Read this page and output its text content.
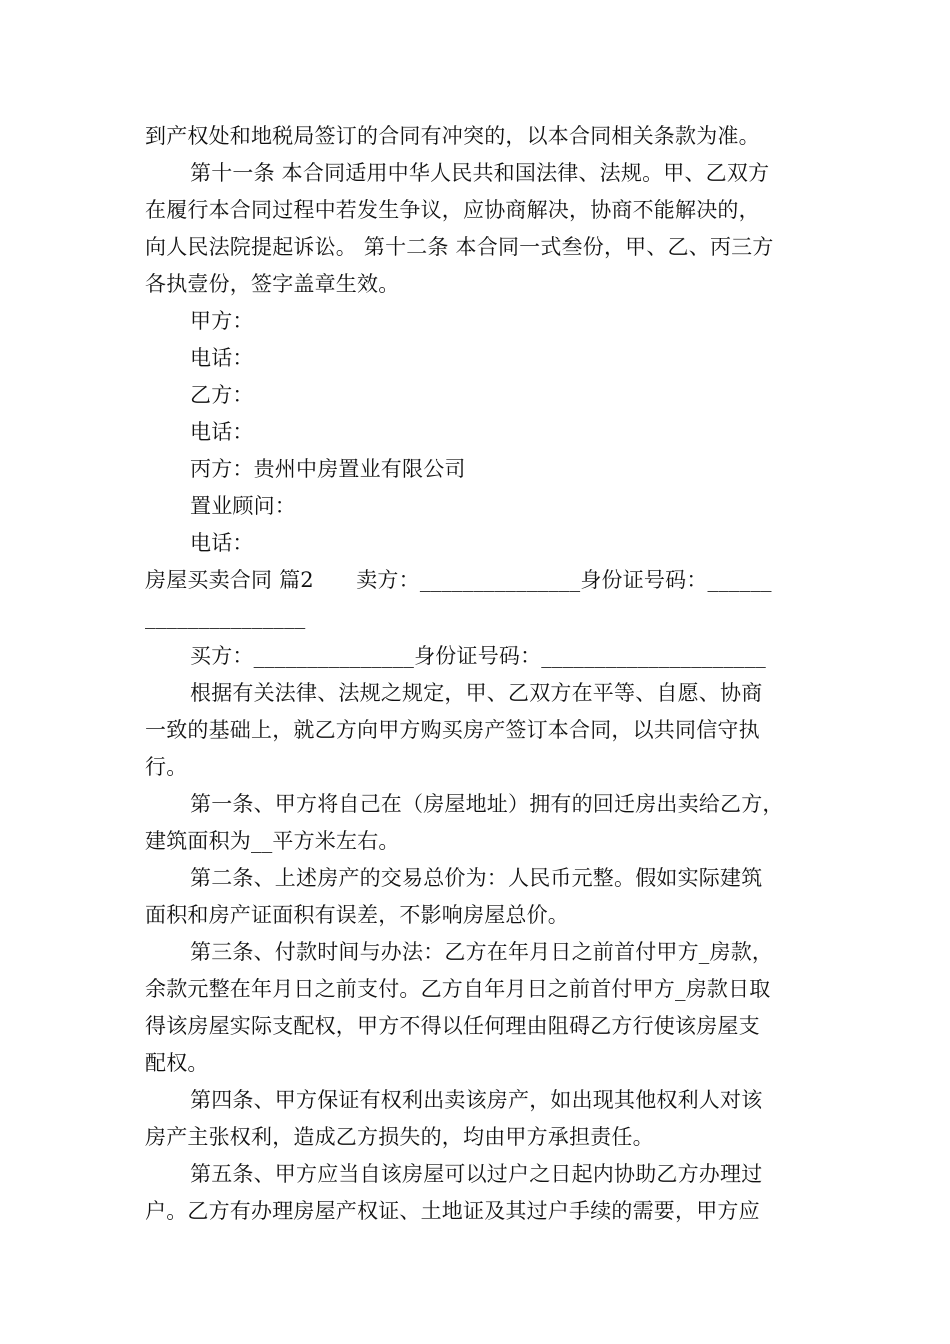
到产权处和地税局签订的合同有冲突的，以本合同相关条款为准。
第十一条 本合同适用中华人民共和国法律、法规。甲、乙双方
在履行本合同过程中若发生争议，应协商解决，协商不能解决的，
向人民法院提起诉讼。 第十二条 本合同一式叁份，甲、乙、丙三方
各执壹份，签字盖章生效。
甲方：
电话：
乙方：
电话：
丙方：贵州中房置业有限公司
置业顾问：
电话：
房屋买卖合同 篇2　　卖方：_______________身份证号码：______
_______________
买方：_______________身份证号码：_____________________
根据有关法律、法规之规定，甲、乙双方在平等、自愿、协商
一致的基础上，就乙方向甲方购买房产签订本合同，以共同信守执
行。
第一条、甲方将自己在（房屋地址）拥有的回迁房出卖给乙方，
建筑面积为__平方米左右。
第二条、上述房产的交易总价为：人民币元整。假如实际建筑
面积和房产证面积有误差，不影响房屋总价。
第三条、付款时间与办法：乙方在年月日之前首付甲方_房款，
余款元整在年月日之前支付。乙方自年月日之前首付甲方_房款日取
得该房屋实际支配权，甲方不得以任何理由阻碍乙方行使该房屋支
配权。
第四条、甲方保证有权利出卖该房产，如出现其他权利人对该
房产主张权利，造成乙方损失的，均由甲方承担责任。
第五条、甲方应当自该房屋可以过户之日起内协助乙方办理过
户。乙方有办理房屋产权证、土地证及其过户手续的需要，甲方应
